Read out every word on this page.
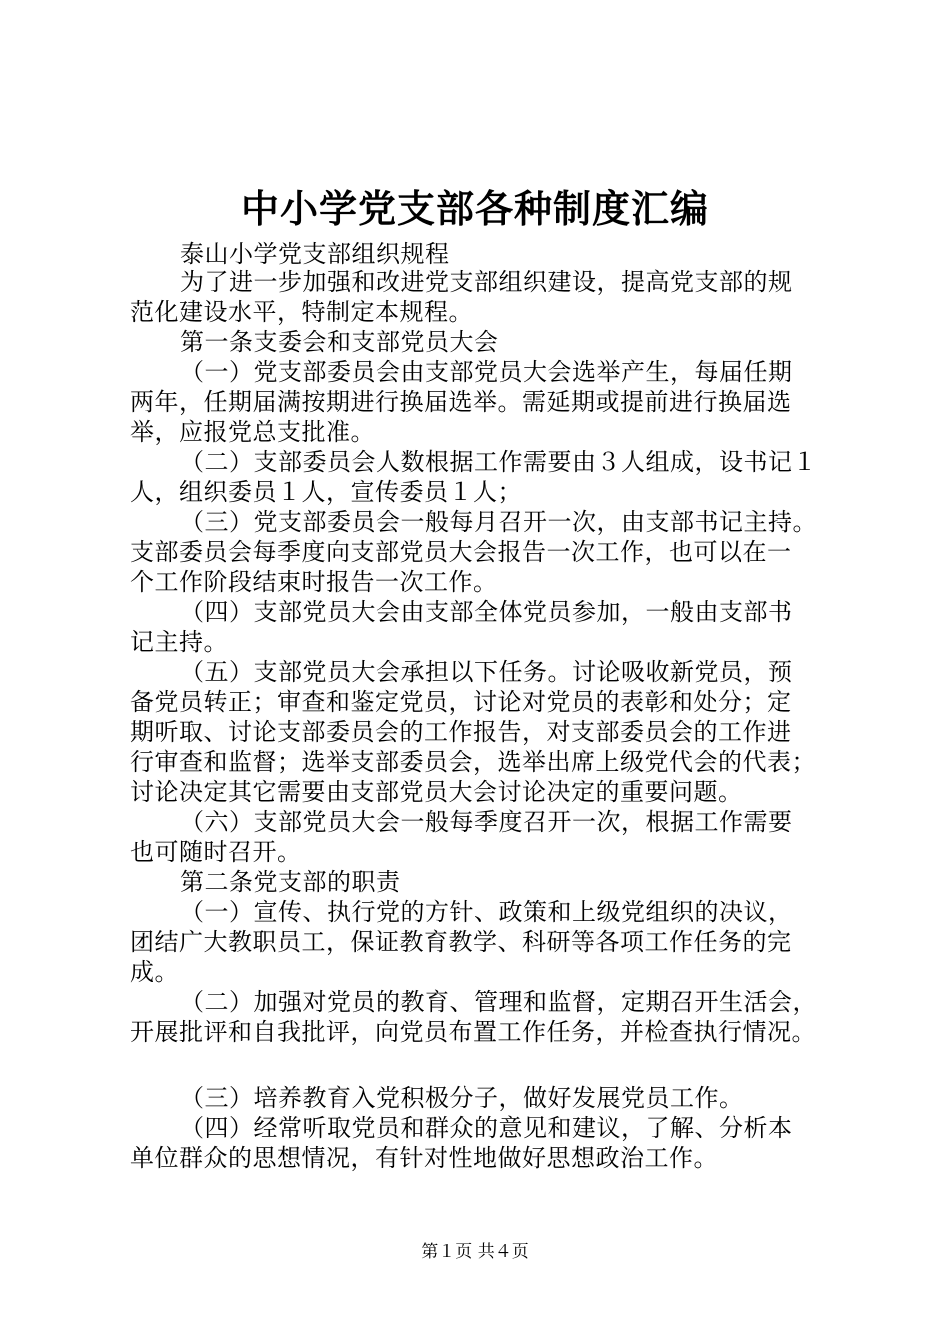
中小学党支部各种制度汇编

泰山小学党支部组织规程

为了进一步加强和改进党支部组织建设，提高党支部的规

范化建设水平，特制定本规程。

第一条支委会和支部党员大会

（一）党支部委员会由支部党员大会选举产生，每届任期

两年，任期届满按期进行换届选举。需延期或提前进行换届选

举，应报党总支批准。

（二）支部委员会人数根据工作需要由３人组成，设书记１

人，组织委员１人，宣传委员１人；

（三）党支部委员会一般每月召开一次，由支部书记主持。

支部委员会每季度向支部党员大会报告一次工作，也可以在一

个工作阶段结束时报告一次工作。

（四）支部党员大会由支部全体党员参加，一般由支部书

记主持。

（五）支部党员大会承担以下任务。讨论吸收新党员，预

备党员转正；审查和鉴定党员，讨论对党员的表彰和处分；定

期听取、讨论支部委员会的工作报告，对支部委员会的工作进

行审查和监督；选举支部委员会，选举出席上级党代会的代表；

讨论决定其它需要由支部党员大会讨论决定的重要问题。

（六）支部党员大会一般每季度召开一次，根据工作需要

也可随时召开。

第二条党支部的职责

（一）宣传、执行党的方针、政策和上级党组织的决议，

团结广大教职员工，保证教育教学、科研等各项工作任务的完

成。

（二）加强对党员的教育、管理和监督，定期召开生活会，

开展批评和自我批评，向党员布置工作任务，并检查执行情况。

（三）培养教育入党积极分子，做好发展党员工作。

（四）经常听取党员和群众的意见和建议，了解、分析本

单位群众的思想情况，有针对性地做好思想政治工作。

第１页 共４页
